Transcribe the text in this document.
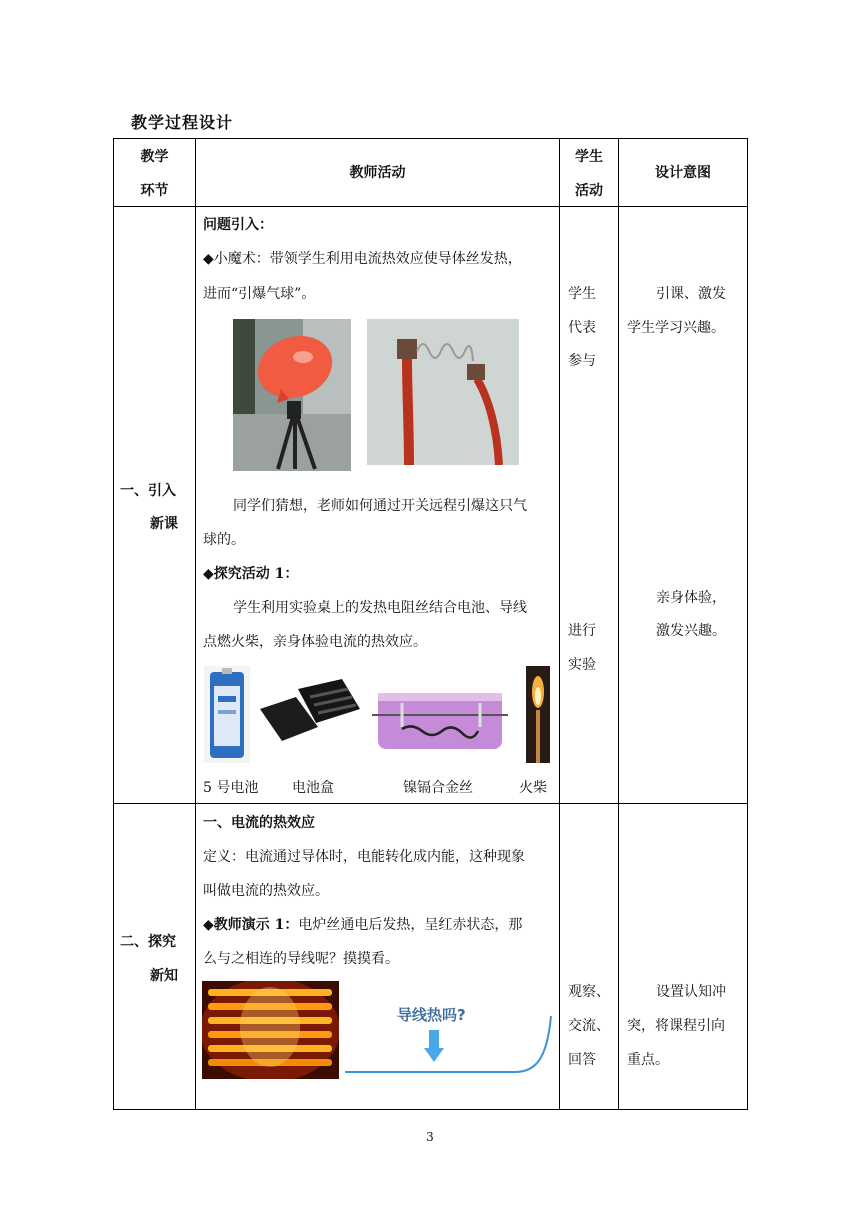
教学过程设计
教学
环节
教师活动
学生
活动
设计意图
一、引入
新课
问题引入：
◆小魔术：带领学生利用电流热效应使导体丝发热，
进而“引爆气球”。
同学们猜想，老师如何通过开关远程引爆这只气
球的。
◆探究活动 1：
学生利用实验桌上的发热电阻丝结合电池、导线
点燃火柴，亲身体验电流的热效应。
5 号电池 电池盒	镍镉合金丝	火柴
学生
代表
参与
进行
实验
引课、激发
学生学习兴趣。
亲身体验，
激发兴趣。
二、探究
新知
一、电流的热效应
定义：电流通过导体时，电能转化成内能，这种现象
叫做电流的热效应。
◆教师演示 1：电炉丝通电后发热，呈红赤状态，那
么与之相连的导线呢？摸摸看。
导线热吗?
观察、
交流、
回答
设置认知冲
突，将课程引向
重点。
3
